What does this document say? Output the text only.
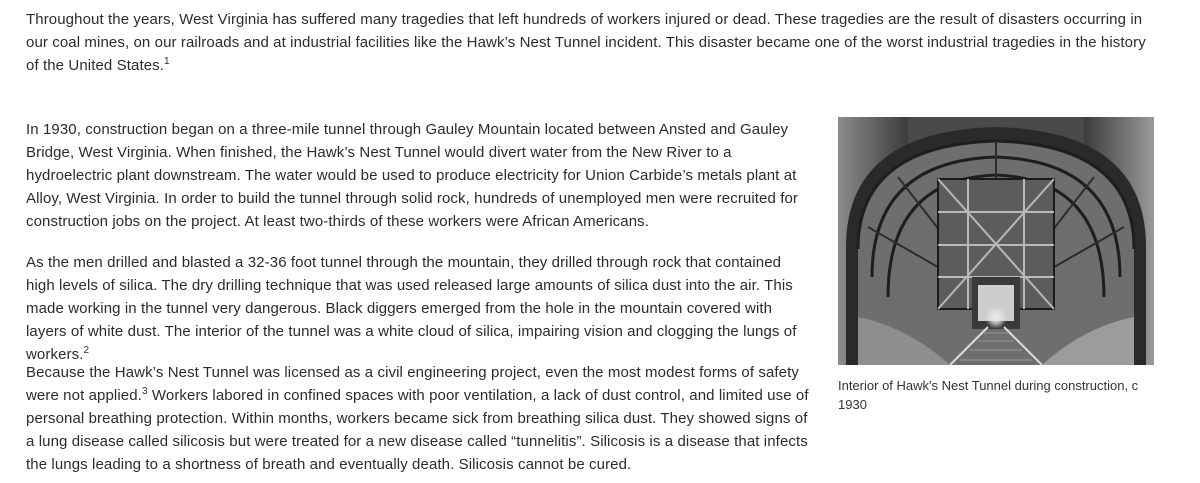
Throughout the years, West Virginia has suffered many tragedies that left hundreds of workers injured or dead. These tragedies are the result of disasters occurring in our coal mines, on our railroads and at industrial facilities like the Hawk’s Nest Tunnel incident. This disaster became one of the worst industrial tragedies in the history of the United States.$^1$

In 1930, construction began on a three-mile tunnel through Gauley Mountain located between Ansted and Gauley Bridge, West Virginia. When finished, the Hawk’s Nest Tunnel would divert water from the New River to a hydroelectric plant downstream. The water would be used to produce electricity for Union Carbide’s metals plant at Alloy, West Virginia. In order to build the tunnel through solid rock, hundreds of unemployed men were recruited for construction jobs on the project. At least two-thirds of these workers were African Americans.

As the men drilled and blasted a 32-36 foot tunnel through the mountain, they drilled through rock that contained high levels of silica. The dry drilling technique that was used released large amounts of silica dust into the air. This made working in the tunnel very dangerous. Black diggers emerged from the hole in the mountain covered with layers of white dust. The interior of the tunnel was a white cloud of silica, impairing vision and clogging the lungs of workers.$^2$

Because the Hawk’s Nest Tunnel was licensed as a civil engineering project, even the most modest forms of safety were not applied.$^3$ Workers labored in confined spaces with poor ventilation, a lack of dust control, and limited use of personal breathing protection. Within months, workers became sick from breathing silica dust. They showed signs of a lung disease called silicosis but were treated for a new disease called “tunnelitis”. Silicosis is a disease that infects the lungs leading to a shortness of breath and eventually death. Silicosis cannot be cured.

Interior of Hawk's Nest Tunnel during construction, c 1930
